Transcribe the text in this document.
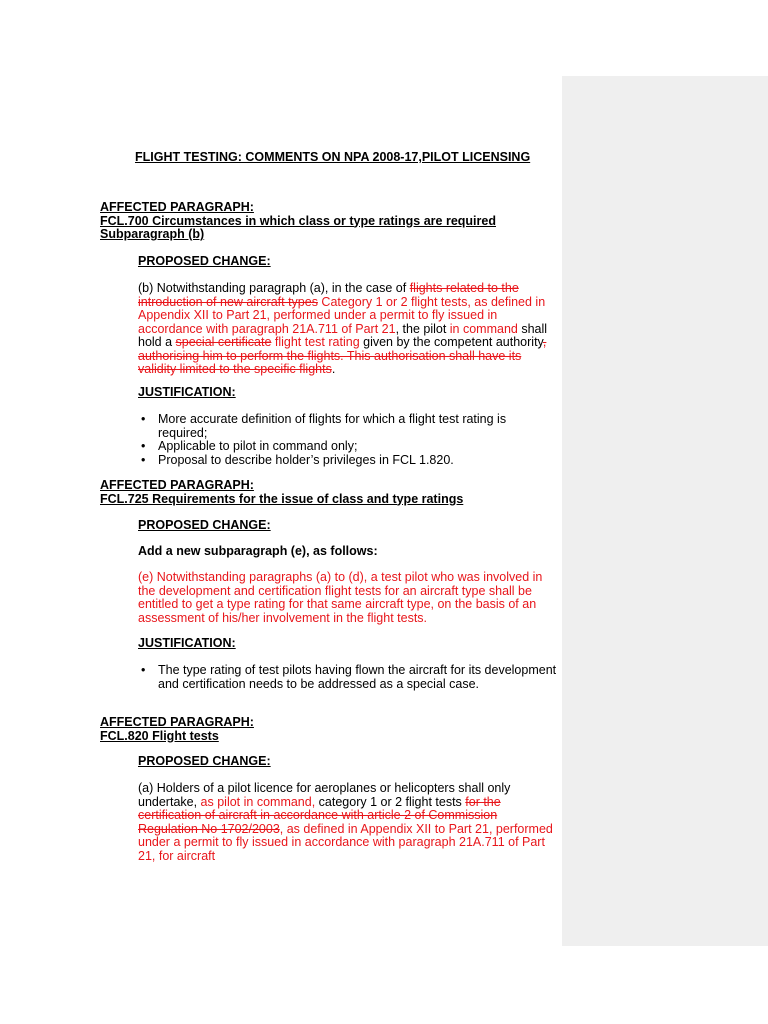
FLIGHT TESTING: COMMENTS ON NPA 2008-17,PILOT LICENSING
AFFECTED PARAGRAPH:
FCL.700 Circumstances in which class or type ratings are required
Subparagraph (b)
PROPOSED CHANGE:
(b) Notwithstanding paragraph (a), in the case of flights related to the introduction of new aircraft types Category 1 or 2 flight tests, as defined in Appendix XII to Part 21, performed under a permit to fly issued in accordance with paragraph 21A.711 of Part 21, the pilot in command shall hold a special certificate flight test rating given by the competent authority, authorising him to perform the flights. This authorisation shall have its validity limited to the specific flights.
JUSTIFICATION:
• More accurate definition of flights for which a flight test rating is required;
• Applicable to pilot in command only;
• Proposal to describe holder’s privileges in FCL 1.820.
AFFECTED PARAGRAPH:
FCL.725 Requirements for the issue of class and type ratings
PROPOSED CHANGE:
Add a new subparagraph (e), as follows:
(e) Notwithstanding paragraphs (a) to (d), a test pilot who was involved in the development and certification flight tests for an aircraft type shall be entitled to get a type rating for that same aircraft type, on the basis of an assessment of his/her involvement in the flight tests.
JUSTIFICATION:
• The type rating of test pilots having flown the aircraft for its development and certification needs to be addressed as a special case.
AFFECTED PARAGRAPH:
FCL.820 Flight tests
PROPOSED CHANGE:
(a) Holders of a pilot licence for aeroplanes or helicopters shall only undertake, as pilot in command, category 1 or 2 flight tests for the certification of aircraft in accordance with article 2 of Commission Regulation No 1702/2003, as defined in Appendix XII to Part 21, performed under a permit to fly issued in accordance with paragraph 21A.711 of Part 21, for aircraft
